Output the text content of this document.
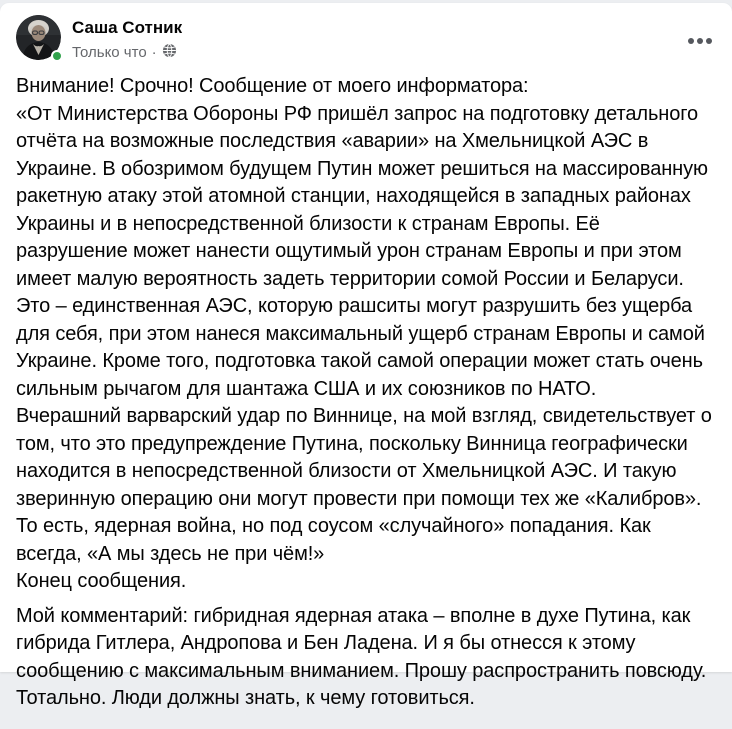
Саша Сотник
Только что ·

Внимание! Срочно! Сообщение от моего информатора:

«От Министерства Обороны РФ пришёл запрос на подготовку детального отчёта на возможные последствия «аварии» на Хмельницкой АЭС в Украине. В обозримом будущем Путин может решиться на массированную ракетную атаку этой атомной станции, находящейся в западных районах Украины и в непосредственной близости к странам Европы. Её разрушение может нанести ощутимый урон странам Европы и при этом имеет малую вероятность задеть территории сомой России и Беларуси. Это – единственная АЭС, которую рашситы могут разрушить без ущерба для себя, при этом нанеся максимальный ущерб странам Европы и самой Украине. Кроме того, подготовка такой самой операции может стать очень сильным рычагом для шантажа США и их союзников по НАТО.

Вчерашний варварский удар по Виннице, на мой взгляд, свидетельствует о том, что это предупреждение Путина, поскольку Винница географически находится в непосредственной близости от Хмельницкой АЭС. И такую зверинную операцию они могут провести при помощи тех же «Калибров». То есть, ядерная война, но под соусом «случайного» попадания. Как всегда, «А мы здесь не при чём!»

Конец сообщения.

Мой комментарий: гибридная ядерная атака – вполне в духе Путина, как гибрида Гитлера, Андропова и Бен Ладена. И я бы отнесся к этому сообщению с максимальным вниманием. Прошу распространить повсюду. Тотально. Люди должны знать, к чему готовиться.
